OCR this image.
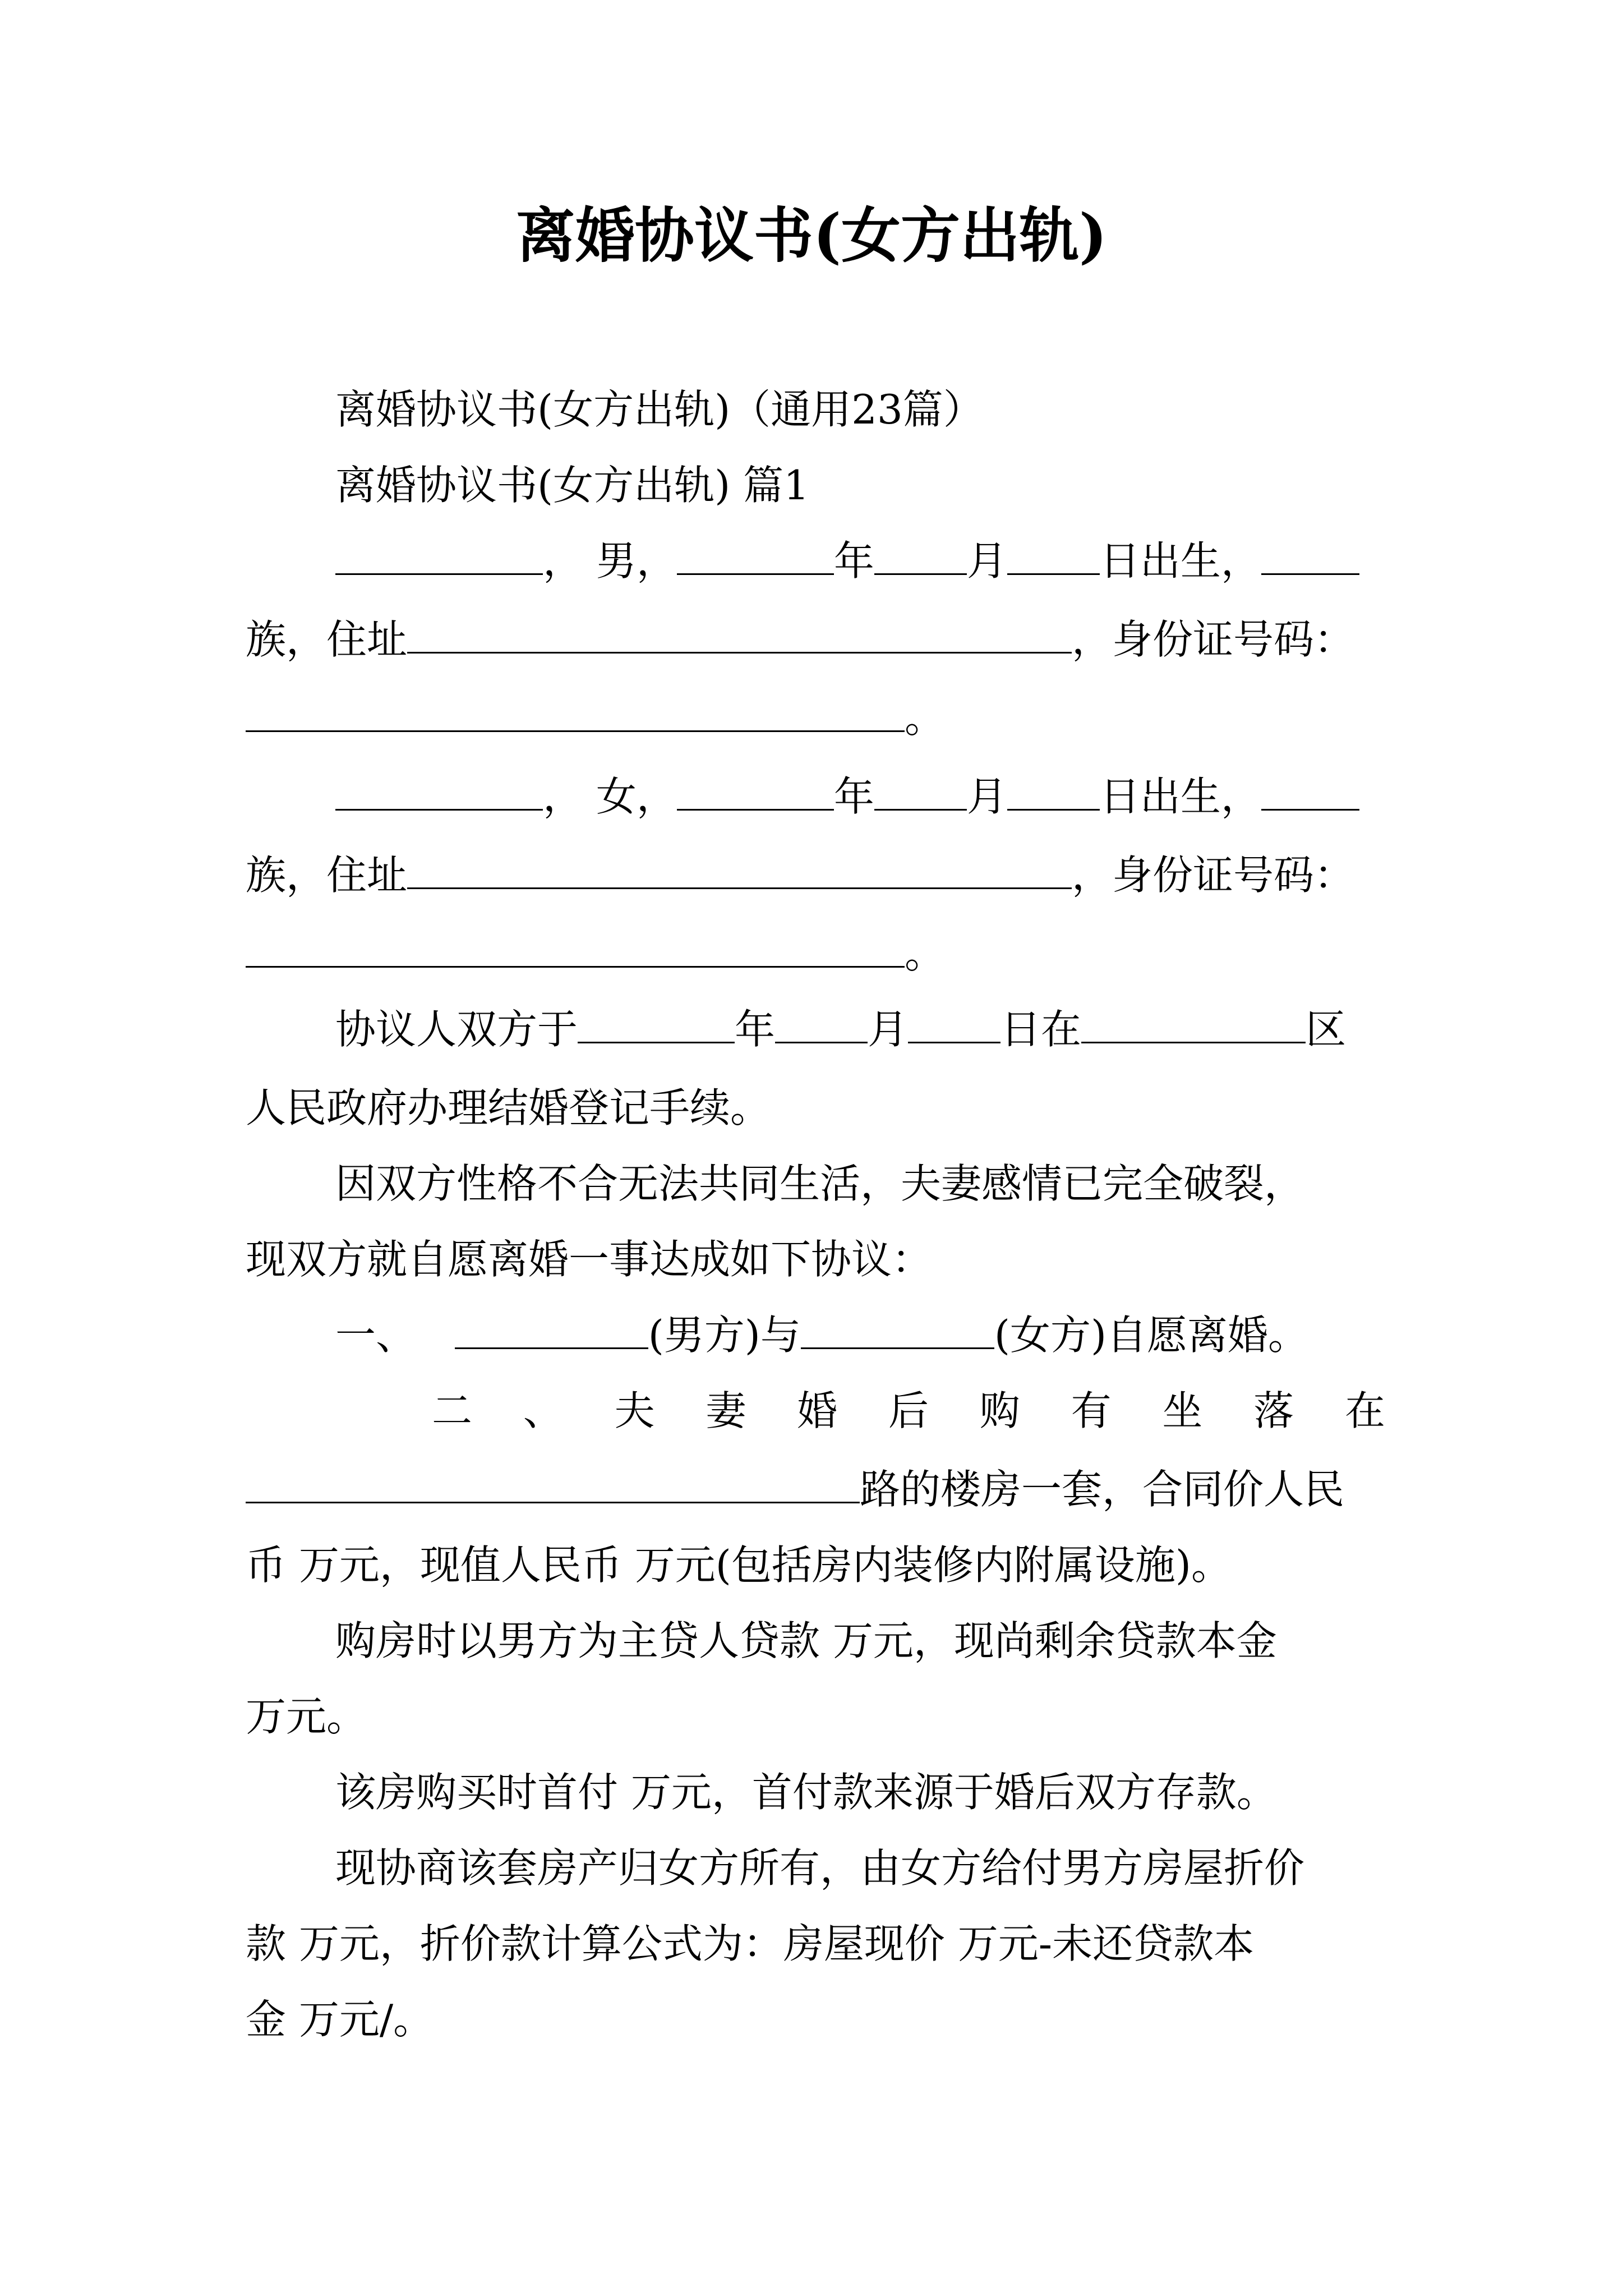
离婚协议书(女方出轨)
离婚协议书(女方出轨)（通用23篇）
离婚协议书(女方出轨) 篇1
， 男，	年 月 日出生，
族，住址	，身份证号码：
。
， 女，	年 月 日出生，
族，住址	，身份证号码：
。
协议人双方于	年 月 日在	区
人民政府办理结婚登记手续。
因双方性格不合无法共同生活，夫妻感情已完全破裂，
现双方就自愿离婚一事达成如下协议：
一、	(男方)与	(女方)自愿离婚。
二 、 夫 妻 婚 后 购 有 坐 落 在
路的楼房一套，合同价人民
币 万元，现值人民币 万元(包括房内装修内附属设施)。
购房时以男方为主贷人贷款 万元，现尚剩余贷款本金
万元。
该房购买时首付 万元，首付款来源于婚后双方存款。
现协商该套房产归女方所有，由女方给付男方房屋折价
款 万元，折价款计算公式为：房屋现价 万元-未还贷款本
金 万元/。
